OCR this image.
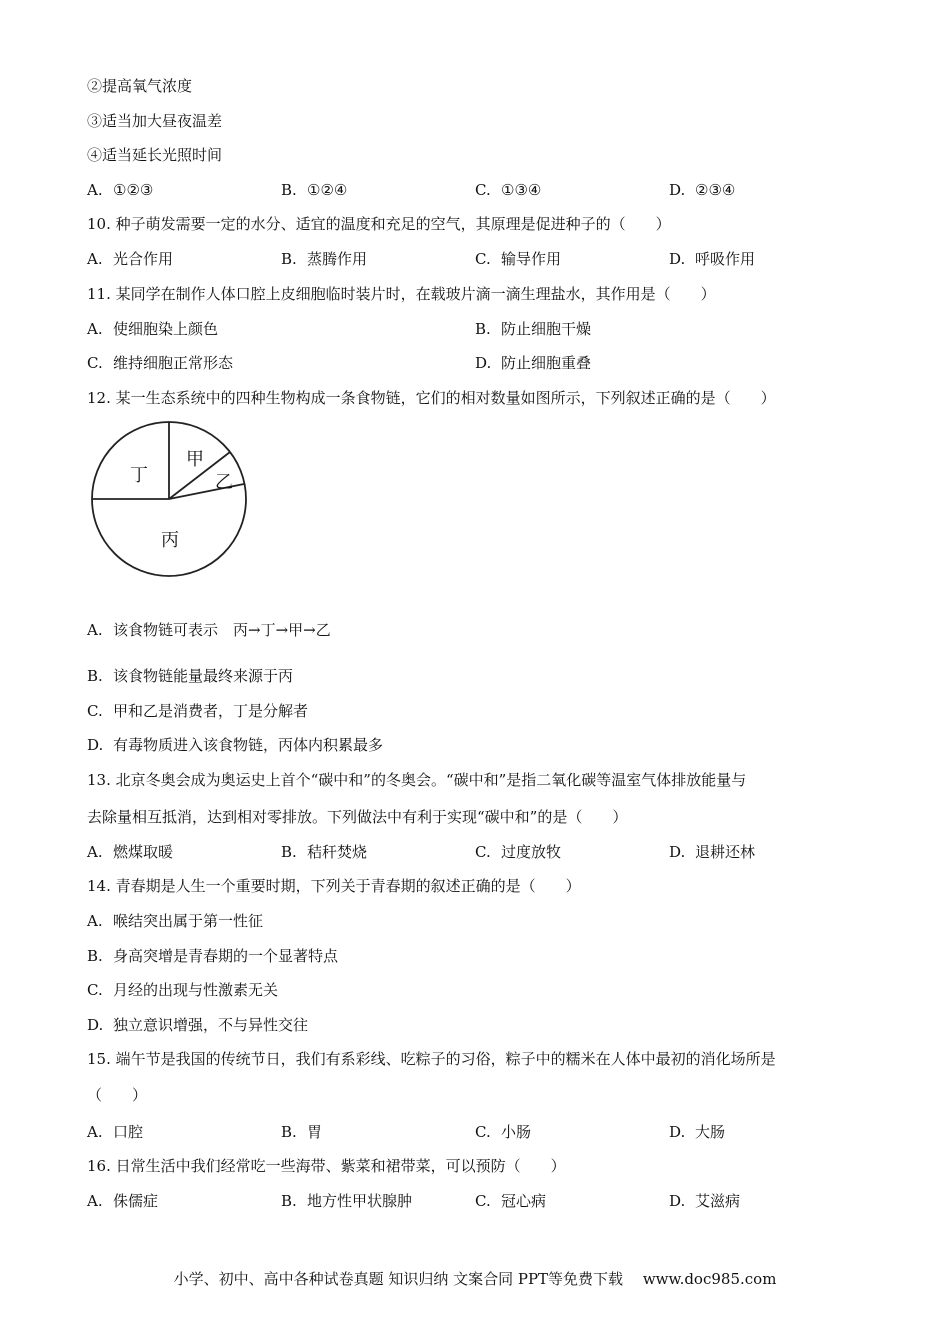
②提高氧气浓度
③适当加大昼夜温差
④适当延长光照时间
A. ①②③	B. ①②④	C. ①③④	D. ②③④
10. 种子萌发需要一定的水分、适宜的温度和充足的空气，其原理是促进种子的（　　）
A. 光合作用	B. 蒸腾作用	C. 输导作用	D. 呼吸作用
11. 某同学在制作人体口腔上皮细胞临时装片时，在载玻片滴一滴生理盐水，其作用是（　　）
A. 使细胞染上颜色	B. 防止细胞干燥
C. 维持细胞正常形态	D. 防止细胞重叠
12. 某一生态系统中的四种生物构成一条食物链，它们的相对数量如图所示，下列叙述正确的是（　　）
丁
甲
乙
丙
A. 该食物链可表示　丙→丁→甲→乙
B. 该食物链能量最终来源于丙
C. 甲和乙是消费者，丁是分解者
D. 有毒物质进入该食物链，丙体内积累最多
13. 北京冬奥会成为奥运史上首个“碳中和”的冬奥会。“碳中和”是指二氧化碳等温室气体排放能量与
去除量相互抵消，达到相对零排放。下列做法中有利于实现“碳中和”的是（　　）
A. 燃煤取暖	B. 秸秆焚烧	C. 过度放牧	D. 退耕还林
14. 青春期是人生一个重要时期，下列关于青春期的叙述正确的是（　　）
A. 喉结突出属于第一性征
B. 身高突增是青春期的一个显著特点
C. 月经的出现与性激素无关
D. 独立意识增强，不与异性交往
15. 端午节是我国的传统节日，我们有系彩线、吃粽子的习俗，粽子中的糯米在人体中最初的消化场所是
（　　）
A. 口腔	B. 胃	C. 小肠	D. 大肠
16. 日常生活中我们经常吃一些海带、紫菜和裙带菜，可以预防（　　）
A. 侏儒症	B. 地方性甲状腺肿	C. 冠心病	D. 艾滋病
小学、初中、高中各种试卷真题 知识归纳 文案合同 PPT等免费下载　 www.doc985.com
